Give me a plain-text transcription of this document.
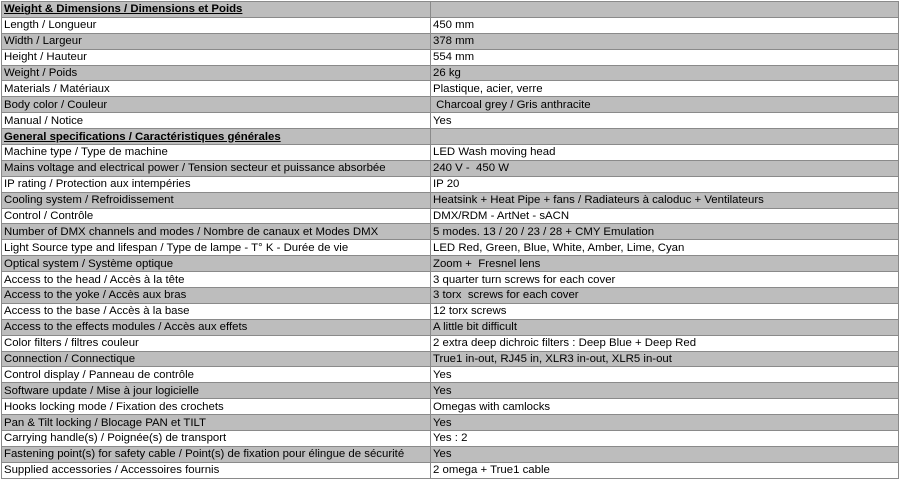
Weight & Dimensions / Dimensions et Poids	
Length / Longueur	450 mm
Width / Largeur	378 mm
Height / Hauteur	554 mm
Weight / Poids	26 kg
Materials / Matériaux	Plastique, acier, verre
Body color / Couleur	Charcoal grey / Gris anthracite
Manual / Notice	Yes
General specifications / Caractéristiques générales	
Machine type / Type de machine	LED Wash moving head
Mains voltage and electrical power / Tension secteur et puissance absorbée	240 V -  450 W
IP rating / Protection aux intempéries	IP 20
Cooling system / Refroidissement	Heatsink + Heat Pipe + fans / Radiateurs à caloduc + Ventilateurs
Control / Contrôle	DMX/RDM - ArtNet - sACN
Number of DMX channels and modes / Nombre de canaux et Modes DMX	5 modes. 13 / 20 / 23 / 28 + CMY Emulation
Light Source type and lifespan / Type de lampe - T° K - Durée de vie	LED Red, Green, Blue, White, Amber, Lime, Cyan
Optical system / Système optique	Zoom +  Fresnel lens
Access to the head / Accès à la tête	3 quarter turn screws for each cover
Access to the yoke / Accès aux bras	3 torx  screws for each cover
Access to the base / Accès à la base	12 torx screws
Access to the effects modules / Accès aux effets	A little bit difficult
Color filters / filtres couleur	2 extra deep dichroic filters : Deep Blue + Deep Red
Connection / Connectique	True1 in-out, RJ45 in, XLR3 in-out, XLR5 in-out
Control display / Panneau de contrôle	Yes
Software update / Mise à jour logicielle	Yes
Hooks locking mode / Fixation des crochets	Omegas with camlocks
Pan & Tilt locking / Blocage PAN et TILT	Yes
Carrying handle(s) / Poignée(s) de transport	Yes : 2
Fastening point(s) for safety cable / Point(s) de fixation pour élingue de sécurité	Yes
Supplied accessories / Accessoires fournis	2 omega + True1 cable
